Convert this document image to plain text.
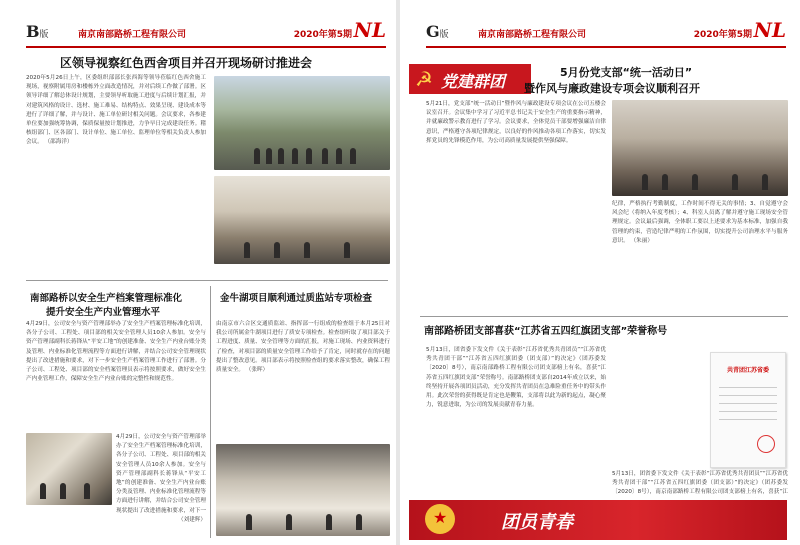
B版	南京南部路桥工程有限公司	2020年第5期 NL
区领导视察红色西舍项目并召开现场研讨推进会
2020年5月26日上午，区委组织部部长张西海等领导莅临红色西舍施工现场，视察附属用房和楼栋外立面改造情况，并对后续工作做了部署。区领导详细了解总体设计规划，主要领导听取施工进度与后续计划汇报，并对建筑风格的设计、选材、施工难易、结构特点、效果呈现、建设成本等进行了详细了解，并与设计、施工单位研讨相关问题。会议要求，各参建单位要加强统筹协调，保质保量按计划推进，力争早日完成建设任务。稽核组部门、区各部门、设计单位、施工单位、监理单位等相关负责人参加会议。 （邵海洋）
南部路桥以安全生产档案管理标准化
提升安全生产内业管理水平
4月29日，公司安全与资产管理部举办了安全生产档案管理标准化培训，各分子公司、工程处、项目部的相关安全管理人员10余人参加。安全与资产管理部副科长蒋锋从“平安工地”的创建准备、安全生产内业台账分类及管理、内业标准化管理流程等方面进行讲解，并结合公司安全管理现状提出了改进措施和要求，对下一步安全生产档案管理工作进行了部署。分子公司、工程处、项目部的安全档案管理员表示将按照要求，做好安全生产内业管理工作，保障安全生产内业台账的完整性和规范性。
4月29日，公司安全与资产管理部举办了安全生产档案管理标准化培训，各分子公司、工程处、项目部的相关安全管理人员10余人参加。安全与资产管理部副科长蒋锋从“平安工地”的创建准备、安全生产内业台账分类及管理、内业标准化管理流程等方面进行讲解，并结合公司安全管理现状提出了改进措施和要求，对下一
（刘建辉）
金牛湖项目顺利通过质监站专项检查
由南京市六合区交通质监站、指挥部一行组成的检查组于本月25日对我公司所属金牛湖项目进行了质安专项检查。检查组听取了项目部关于工程进度、质量、安全管理等方面的汇报，对施工现场、内业资料进行了检查，对项目部的质量安全管理工作给予了肯定，同时就存在的问题提出了整改意见。项目部表示将按照检查组的要求落实整改，确保工程质量安全。 （张晖）
G版	南京南部路桥工程有限公司	2020年第5期 NL
☭ 党建群团	5月份党支部“统一活动日”
暨作风与廉政建设专项会议顺利召开
5月21日，党支部“统一活动日”暨作风与廉政建设专项会议在公司五楼会议室召开。会议集中学习了习近平总书记关于安全生产的重要指示精神，并就廉政警示教育进行了学习。会议要求，全体党员干部要增强廉洁自律意识，严格遵守各项纪律规定，以良好的作风推动各项工作落实，切实发挥党员的先锋模范作用，为公司高质量发展提供坚强保障。
纪律，严格执行考勤制度，工作时间不得无关的事情；3、自觉遵守会风会纪（将纳入年度考核）；4、科室人员离了解并遵守施工现场安全管理规定。会议最后强调，全体职工要以上述要求为基本标准，加强自我管理的约束，营造纪律严明的工作氛围，切实提升公司治理水平与服务意识。 （朱丽）
南部路桥团支部喜获“江苏省五四红旗团支部”荣誉称号
5月13日，团省委下发文件《关于表彰“江苏省优秀共青团员”“江苏省优秀共青团干部”“江苏省五四红旗团委（团支部）”的决定》（团苏委发〔2020〕8号），南京南部路桥工程有限公司团支部榜上有名，喜获“江苏省五四红旗团支部”荣誉称号。南部路桥团支部自2014年成立以来，始终坚持开展各项团员活动，充分发挥共青团员在急难险重任务中的带头作用。此次荣誉的获得既是肯定也是鞭策，支部将以此为新的起点，凝心聚力，锐意进取，为公司的发展贡献青春力量。
共青团江苏省委
5月13日，团省委下发文件《关于表彰“江苏省优秀共青团员”“江苏省优秀共青团干部”“江苏省五四红旗团委（团支部）”的决定》（团苏委发〔2020〕8号），南京南部路桥工程有限公司团支部榜上有名，喜获“江
★	团员青春
